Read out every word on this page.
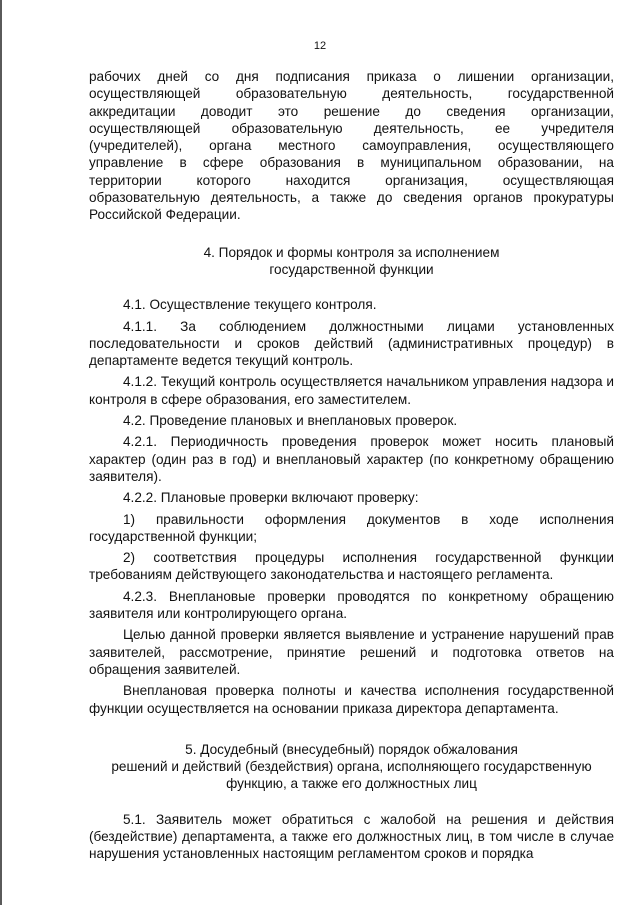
12
рабочих дней со дня подписания приказа о лишении организации,
осуществляющей	образовательную	деятельность,	государственной
аккредитации доводит это решение до сведения организации,
осуществляющей образовательную деятельность, ее учредителя
(учредителей), органа местного самоуправления, осуществляющего
управление в сфере образования в муниципальном образовании, на
территории	которого	находится	организация,	осуществляющая
образовательную деятельность, а также до сведения органов прокуратуры
Российской Федерации.

4. Порядок и формы контроля за исполнением
государственной функции

4.1. Осуществление текущего контроля.

4.1.1. За соблюдением должностными лицами установленных последовательности и сроков действий (административных процедур) в департаменте ведется текущий контроль.

4.1.2. Текущий контроль осуществляется начальником управления надзора и контроля в сфере образования, его заместителем.

4.2. Проведение плановых и внеплановых проверок.

4.2.1. Периодичность проведения проверок может носить плановый характер (один раз в год) и внеплановый характер (по конкретному обращению заявителя).

4.2.2. Плановые проверки включают проверку:

1) правильности оформления документов в ходе исполнения государственной функции;

2) соответствия процедуры исполнения государственной функции требованиям действующего законодательства и настоящего регламента.

4.2.3. Внеплановые проверки проводятся по конкретному обращению заявителя или контролирующего органа.

Целью данной проверки является выявление и устранение нарушений прав заявителей, рассмотрение, принятие решений и подготовка ответов на обращения заявителей.

Внеплановая проверка полноты и качества исполнения государственной функции осуществляется на основании приказа директора департамента.

5. Досудебный (внесудебный) порядок обжалования
решений и действий (бездействия) органа, исполняющего государственную
функцию, а также его должностных лиц

5.1. Заявитель может обратиться с жалобой на решения и действия (бездействие) департамента, а также его должностных лиц, в том числе в случае нарушения установленных настоящим регламентом сроков и порядка
